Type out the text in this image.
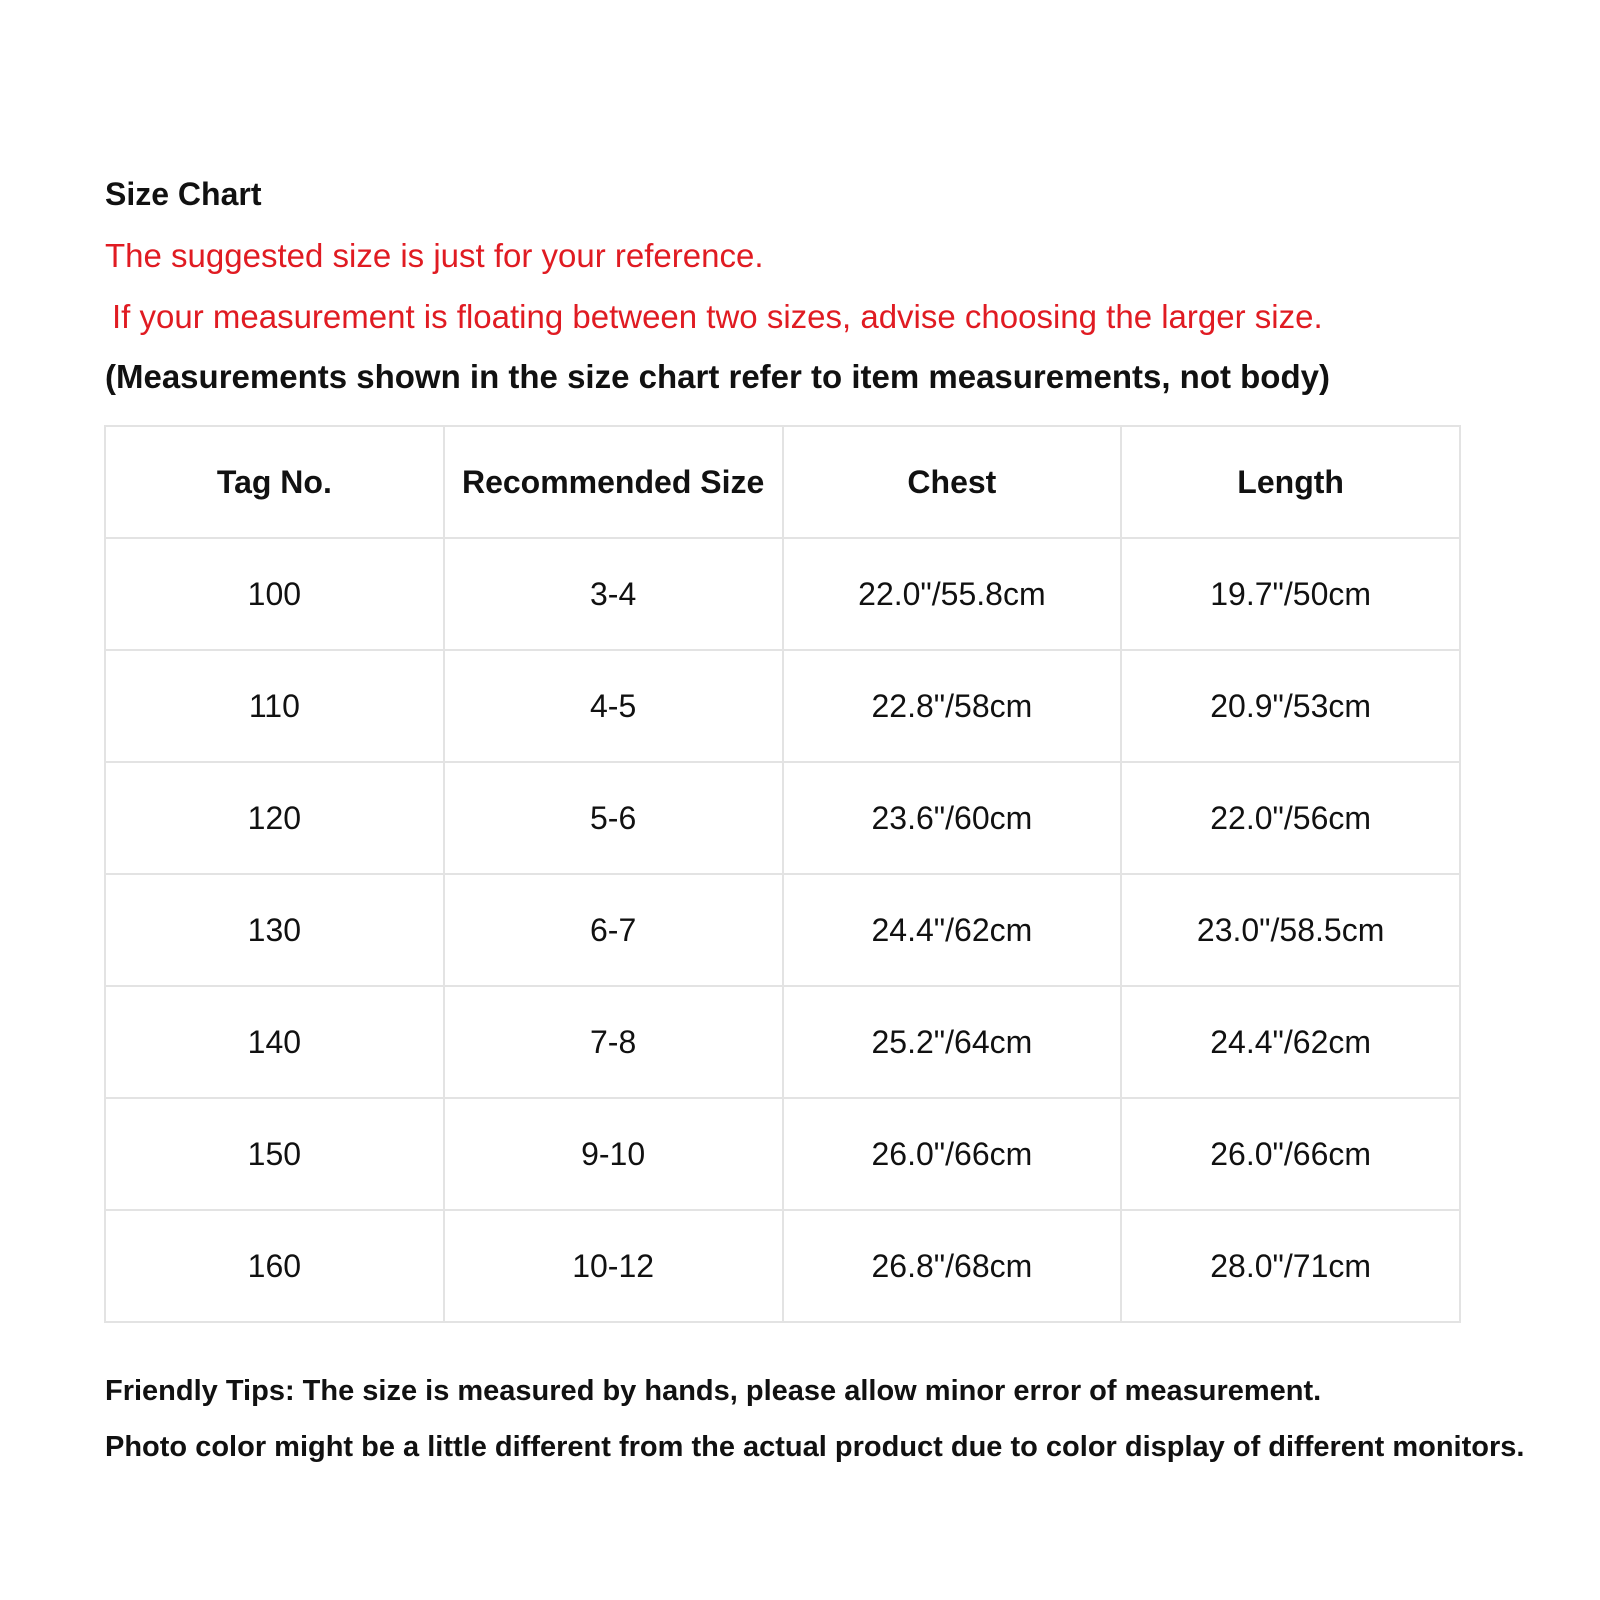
Size Chart
The suggested size is just for your reference.
If your measurement is floating between two sizes, advise choosing the larger size.
(Measurements shown in the size chart refer to item measurements, not body)
Tag No.	Recommended Size	Chest	Length
100	3-4	22.0"/55.8cm	19.7"/50cm
110	4-5	22.8"/58cm	20.9"/53cm
120	5-6	23.6"/60cm	22.0"/56cm
130	6-7	24.4"/62cm	23.0"/58.5cm
140	7-8	25.2"/64cm	24.4"/62cm
150	9-10	26.0"/66cm	26.0"/66cm
160	10-12	26.8"/68cm	28.0"/71cm
Friendly Tips: The size is measured by hands, please allow minor error of measurement.
Photo color might be a little different from the actual product due to color display of different monitors.
